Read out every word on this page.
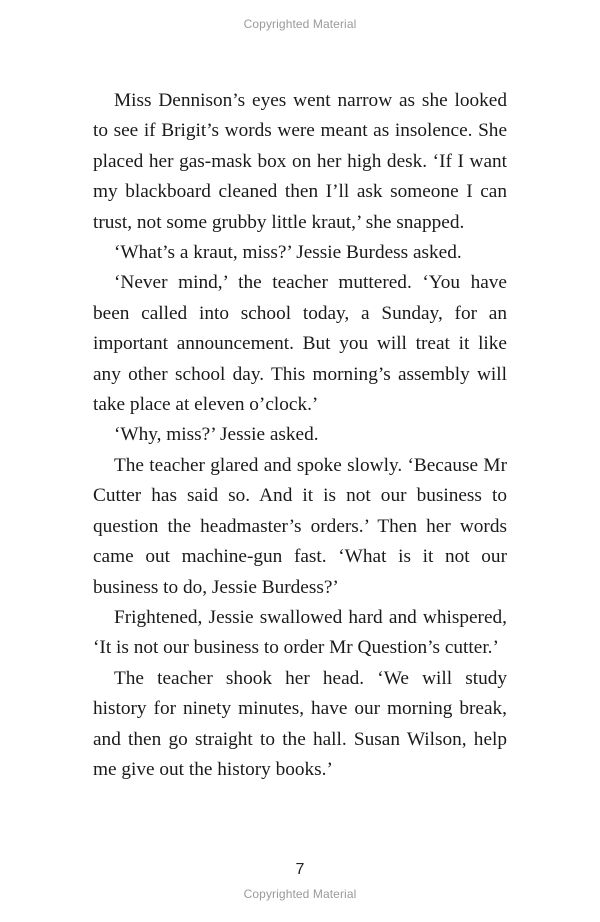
Copyrighted Material

Miss Dennison’s eyes went narrow as she looked to see if Brigit’s words were meant as insolence. She placed her gas-mask box on her high desk. ‘If I want my blackboard cleaned then I’ll ask someone I can trust, not some grubby little kraut,’ she snapped.

‘What’s a kraut, miss?’ Jessie Burdess asked.

‘Never mind,’ the teacher muttered. ‘You have been called into school today, a Sunday, for an important announcement. But you will treat it like any other school day. This morning’s assembly will take place at eleven o’clock.’

‘Why, miss?’ Jessie asked.

The teacher glared and spoke slowly. ‘Because Mr Cutter has said so. And it is not our business to question the headmaster’s orders.’ Then her words came out machine-gun fast. ‘What is it not our business to do, Jessie Burdess?’

Frightened, Jessie swallowed hard and whispered, ‘It is not our business to order Mr Question’s cutter.’

The teacher shook her head. ‘We will study history for ninety minutes, have our morning break, and then go straight to the hall. Susan Wilson, help me give out the history books.’

7
Copyrighted Material
